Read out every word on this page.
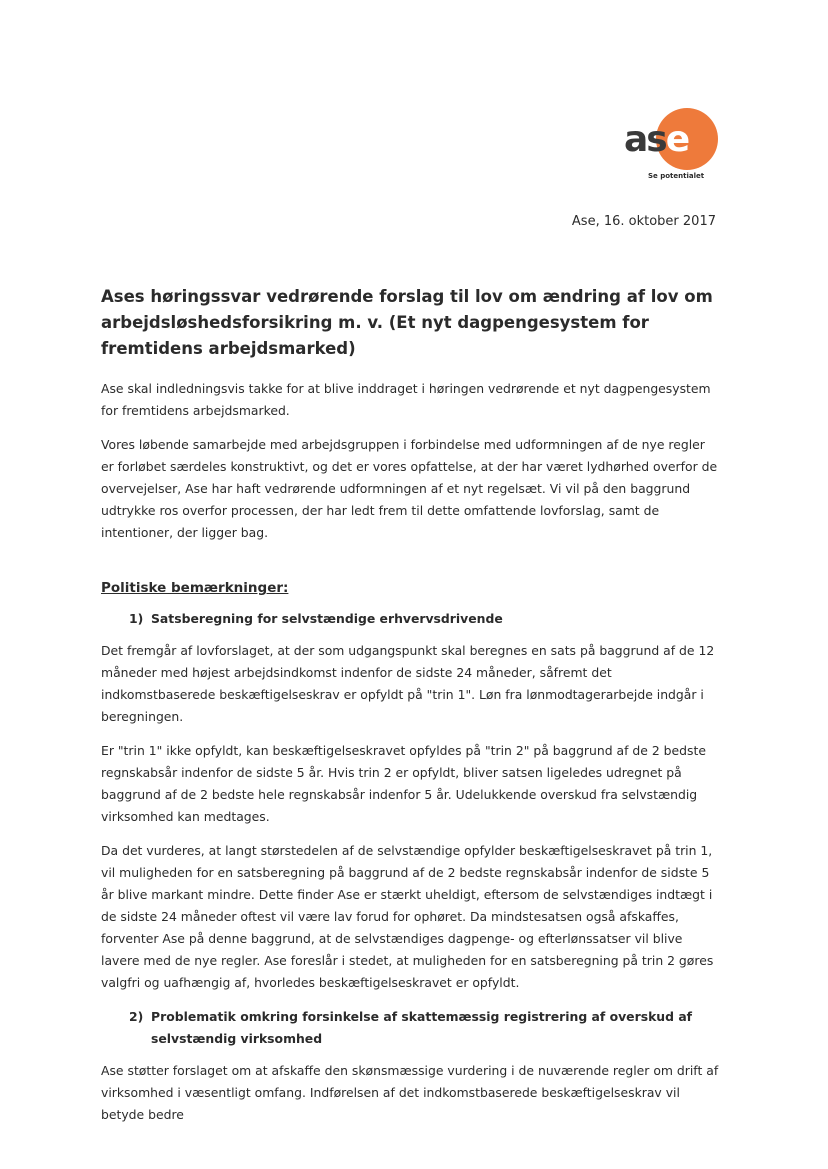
ase
Se potentialet
Ase, 16. oktober 2017
Ases høringssvar vedrørende forslag til lov om ændring af lov om arbejdsløshedsforsikring m. v. (Et nyt dagpengesystem for fremtidens arbejdsmarked)

Ase skal indledningsvis takke for at blive inddraget i høringen vedrørende et nyt dagpengesystem for fremtidens arbejdsmarked.

Vores løbende samarbejde med arbejdsgruppen i forbindelse med udformningen af de nye regler er forløbet særdeles konstruktivt, og det er vores opfattelse, at der har været lydhørhed overfor de overvejelser, Ase har haft vedrørende udformningen af et nyt regelsæt. Vi vil på den baggrund udtrykke ros overfor processen, der har ledt frem til dette omfattende lovforslag, samt de intentioner, der ligger bag.

Politiske bemærkninger:
1) Satsberegning for selvstændige erhvervsdrivende

Det fremgår af lovforslaget, at der som udgangspunkt skal beregnes en sats på baggrund af de 12 måneder med højest arbejdsindkomst indenfor de sidste 24 måneder, såfremt det indkomstbaserede beskæftigelseskrav er opfyldt på "trin 1". Løn fra lønmodtagerarbejde indgår i beregningen.

Er "trin 1" ikke opfyldt, kan beskæftigelseskravet opfyldes på "trin 2" på baggrund af de 2 bedste regnskabsår indenfor de sidste 5 år. Hvis trin 2 er opfyldt, bliver satsen ligeledes udregnet på baggrund af de 2 bedste hele regnskabsår indenfor 5 år. Udelukkende overskud fra selvstændig virksomhed kan medtages.

Da det vurderes, at langt størstedelen af de selvstændige opfylder beskæftigelseskravet på trin 1, vil muligheden for en satsberegning på baggrund af de 2 bedste regnskabsår indenfor de sidste 5 år blive markant mindre. Dette finder Ase er stærkt uheldigt, eftersom de selvstændiges indtægt i de sidste 24 måneder oftest vil være lav forud for ophøret. Da mindstesatsen også afskaffes, forventer Ase på denne baggrund, at de selvstændiges dagpenge- og efterlønssatser vil blive lavere med de nye regler. Ase foreslår i stedet, at muligheden for en satsberegning på trin 2 gøres valgfri og uafhængig af, hvorledes beskæftigelseskravet er opfyldt.

2) Problematik omkring forsinkelse af skattemæssig registrering af overskud af selvstændig virksomhed

Ase støtter forslaget om at afskaffe den skønsmæssige vurdering i de nuværende regler om drift af virksomhed i væsentligt omfang. Indførelsen af det indkomstbaserede beskæftigelseskrav vil betyde bedre
